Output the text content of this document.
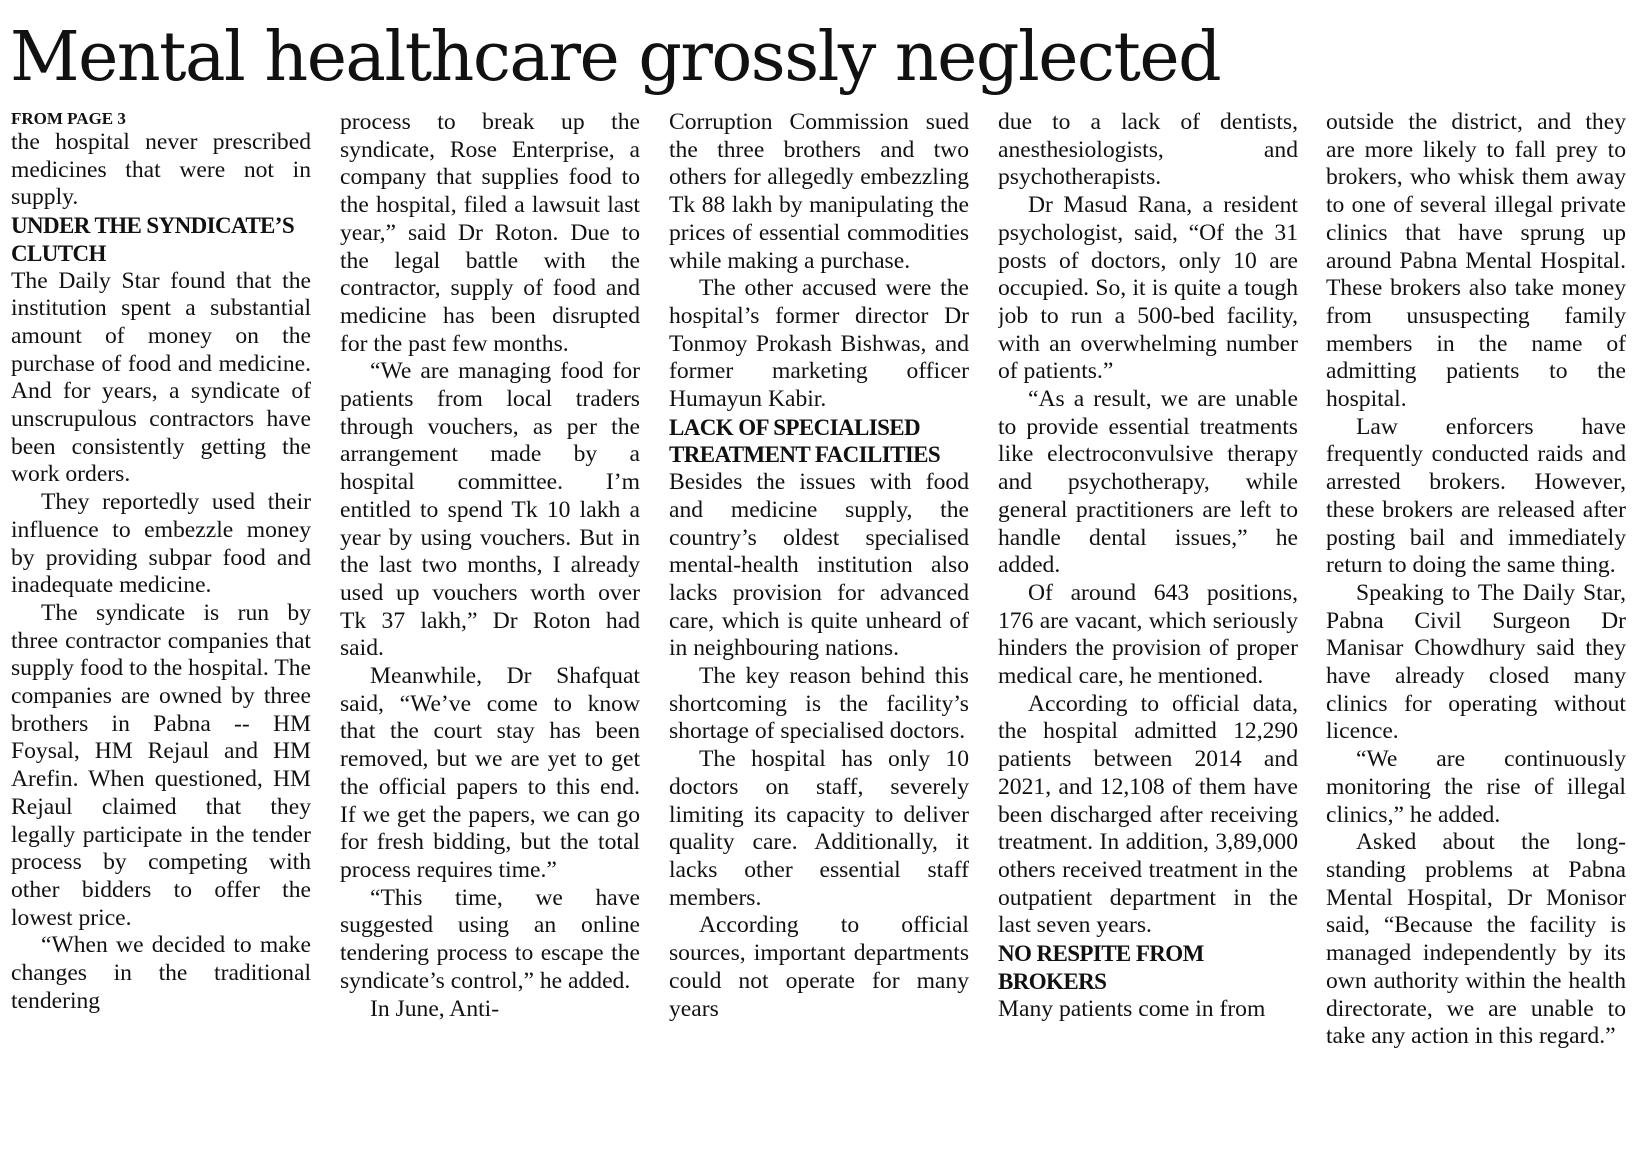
Mental healthcare grossly neglected
FROM PAGE 3

the hospital never prescribed medicines that were not in supply.

UNDER THE SYNDICATE’S CLUTCH

The Daily Star found that the institution spent a substantial amount of money on the purchase of food and medicine. And for years, a syndicate of unscrupulous contractors have been consistently getting the work orders.

They reportedly used their influence to embezzle money by providing subpar food and inadequate medicine.

The syndicate is run by three contractor companies that supply food to the hospital. The companies are owned by three brothers in Pabna -- HM Foysal, HM Rejaul and HM Arefin. When questioned, HM Rejaul claimed that they legally participate in the tender process by competing with other bidders to offer the lowest price.

“When we decided to make changes in the traditional tendering

process to break up the syndicate, Rose Enterprise, a company that supplies food to the hospital, filed a lawsuit last year,” said Dr Roton. Due to the legal battle with the contractor, supply of food and medicine has been disrupted for the past few months.

“We are managing food for patients from local traders through vouchers, as per the arrangement made by a hospital committee. I’m entitled to spend Tk 10 lakh a year by using vouchers. But in the last two months, I already used up vouchers worth over Tk 37 lakh,” Dr Roton had said.

Meanwhile, Dr Shafquat said, “We’ve come to know that the court stay has been removed, but we are yet to get the official papers to this end. If we get the papers, we can go for fresh bidding, but the total process requires time.”

“This time, we have suggested using an online tendering process to escape the syndicate’s control,” he added.

In June, Anti-

Corruption Commission sued the three brothers and two others for allegedly embezzling Tk 88 lakh by manipulating the prices of essential commodities while making a purchase.

The other accused were the hospital’s former director Dr Tonmoy Prokash Bishwas, and former marketing officer Humayun Kabir.

LACK OF SPECIALISED TREATMENT FACILITIES

Besides the issues with food and medicine supply, the country’s oldest specialised mental-health institution also lacks provision for advanced care, which is quite unheard of in neighbouring nations.

The key reason behind this shortcoming is the facility’s shortage of specialised doctors.

The hospital has only 10 doctors on staff, severely limiting its capacity to deliver quality care. Additionally, it lacks other essential staff members.

According to official sources, important departments could not operate for many years

due to a lack of dentists, anesthesiologists, and psychotherapists.

Dr Masud Rana, a resident psychologist, said, “Of the 31 posts of doctors, only 10 are occupied. So, it is quite a tough job to run a 500-bed facility, with an overwhelming number of patients.”

“As a result, we are unable to provide essential treatments like electroconvulsive therapy and psychotherapy, while general practitioners are left to handle dental issues,” he added.

Of around 643 positions, 176 are vacant, which seriously hinders the provision of proper medical care, he mentioned.

According to official data, the hospital admitted 12,290 patients between 2014 and 2021, and 12,108 of them have been discharged after receiving treatment. In addition, 3,89,000 others received treatment in the outpatient department in the last seven years.

NO RESPITE FROM BROKERS

Many patients come in from

outside the district, and they are more likely to fall prey to brokers, who whisk them away to one of several illegal private clinics that have sprung up around Pabna Mental Hospital. These brokers also take money from unsuspecting family members in the name of admitting patients to the hospital.

Law enforcers have frequently conducted raids and arrested brokers. However, these brokers are released after posting bail and immediately return to doing the same thing.

Speaking to The Daily Star, Pabna Civil Surgeon Dr Manisar Chowdhury said they have already closed many clinics for operating without licence.

“We are continuously monitoring the rise of illegal clinics,” he added.

Asked about the long-standing problems at Pabna Mental Hospital, Dr Monisor said, “Because the facility is managed independently by its own authority within the health directorate, we are unable to take any action in this regard.”
